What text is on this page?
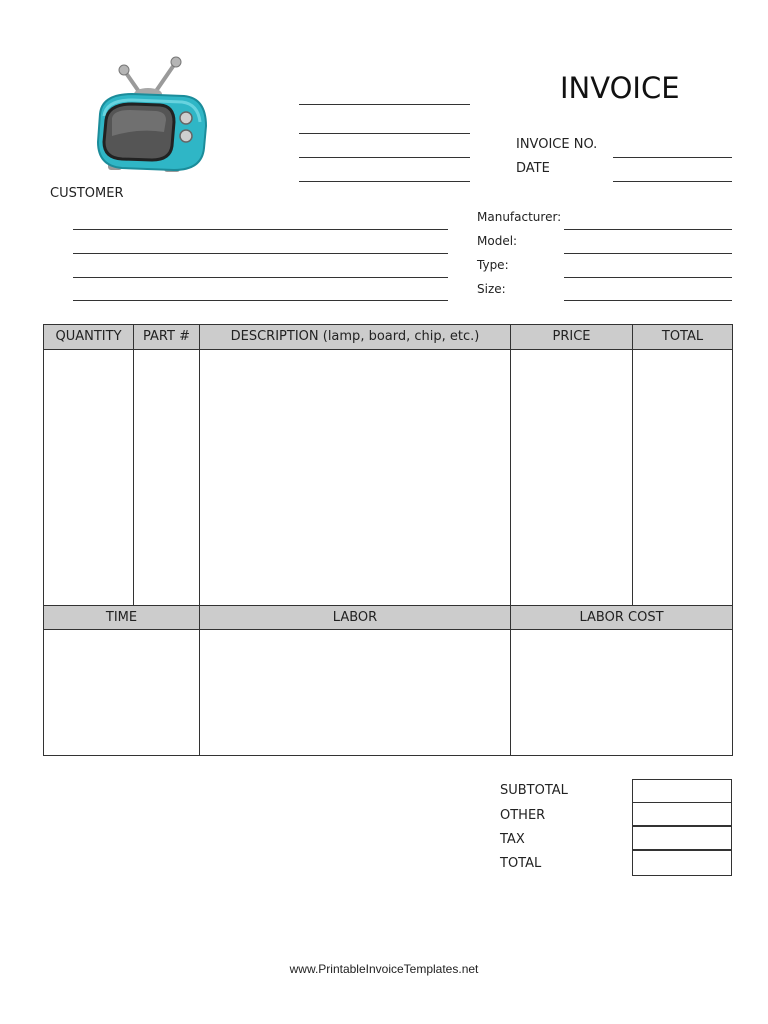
INVOICE
INVOICE NO.
DATE
CUSTOMER
Manufacturer:
Model:
Type:
Size:
QUANTITY	PART #	DESCRIPTION (lamp, board, chip, etc.)	PRICE	TOTAL
TIME	LABOR	LABOR COST
SUBTOTAL
OTHER
TAX
TOTAL
www.PrintableInvoiceTemplates.net
